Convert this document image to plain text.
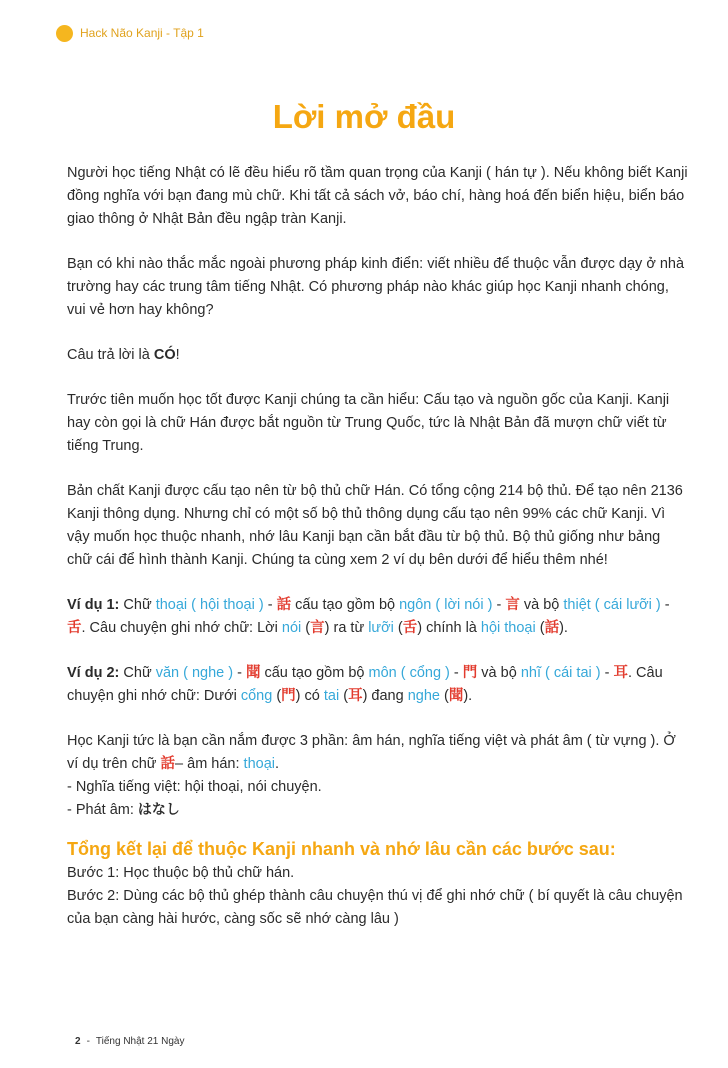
Hack Não Kanji - Tập 1
Lời mở đầu

Người học tiếng Nhật có lẽ đều hiểu rõ tầm quan trọng của Kanji ( hán tự ). Nếu không biết Kanji đồng nghĩa với bạn đang mù chữ. Khi tất cả sách vở, báo chí, hàng hoá đến biển hiệu, biển báo giao thông ở Nhật Bản đều ngập tràn Kanji.

Bạn có khi nào thắc mắc ngoài phương pháp kinh điển: viết nhiều để thuộc vẫn được dạy ở nhà trường hay các trung tâm tiếng Nhật. Có phương pháp nào khác giúp học Kanji nhanh chóng, vui vẻ hơn hay không?

Câu trả lời là CÓ!

Trước tiên muốn học tốt được Kanji chúng ta cần hiểu: Cấu tạo và nguồn gốc của Kanji. Kanji hay còn gọi là chữ Hán được bắt nguồn từ Trung Quốc, tức là Nhật Bản đã mượn chữ viết từ tiếng Trung.

Bản chất Kanji được cấu tạo nên từ bộ thủ chữ Hán. Có tổng cộng 214 bộ thủ. Để tạo nên 2136 Kanji thông dụng. Nhưng chỉ có một số bộ thủ thông dụng cấu tạo nên 99% các chữ Kanji. Vì vậy muốn học thuộc nhanh, nhớ lâu Kanji bạn cần bắt đầu từ bộ thủ. Bộ thủ giống như bảng chữ cái để hình thành Kanji. Chúng ta cùng xem 2 ví dụ bên dưới để hiểu thêm nhé!

Ví dụ 1: Chữ thoại ( hội thoại ) - 話 cấu tạo gồm bộ ngôn ( lời nói ) - 言 và bộ thiệt ( cái lưỡi ) - 舌. Câu chuyện ghi nhớ chữ: Lời nói (言) ra từ lưỡi (舌) chính là hội thoại (話).

Ví dụ 2: Chữ văn ( nghe ) - 聞 cấu tạo gồm bộ môn ( cổng ) - 門 và bộ nhĩ ( cái tai ) - 耳. Câu chuyện ghi nhớ chữ: Dưới cổng (門) có tai (耳) đang nghe (聞).

Học Kanji tức là bạn cần nắm được 3 phần: âm hán, nghĩa tiếng việt và phát âm ( từ vựng ). Ở ví dụ trên chữ 話– âm hán: thoại.
- Nghĩa tiếng việt: hội thoại, nói chuyện.
- Phát âm: はなし

Tổng kết lại để thuộc Kanji nhanh và nhớ lâu cần các bước sau:

Bước 1: Học thuộc bộ thủ chữ hán.
Bước 2: Dùng các bộ thủ ghép thành câu chuyện thú vị để ghi nhớ chữ ( bí quyết là câu chuyện của bạn càng hài hước, càng sốc sẽ nhớ càng lâu )
2 - Tiếng Nhật 21 Ngày
